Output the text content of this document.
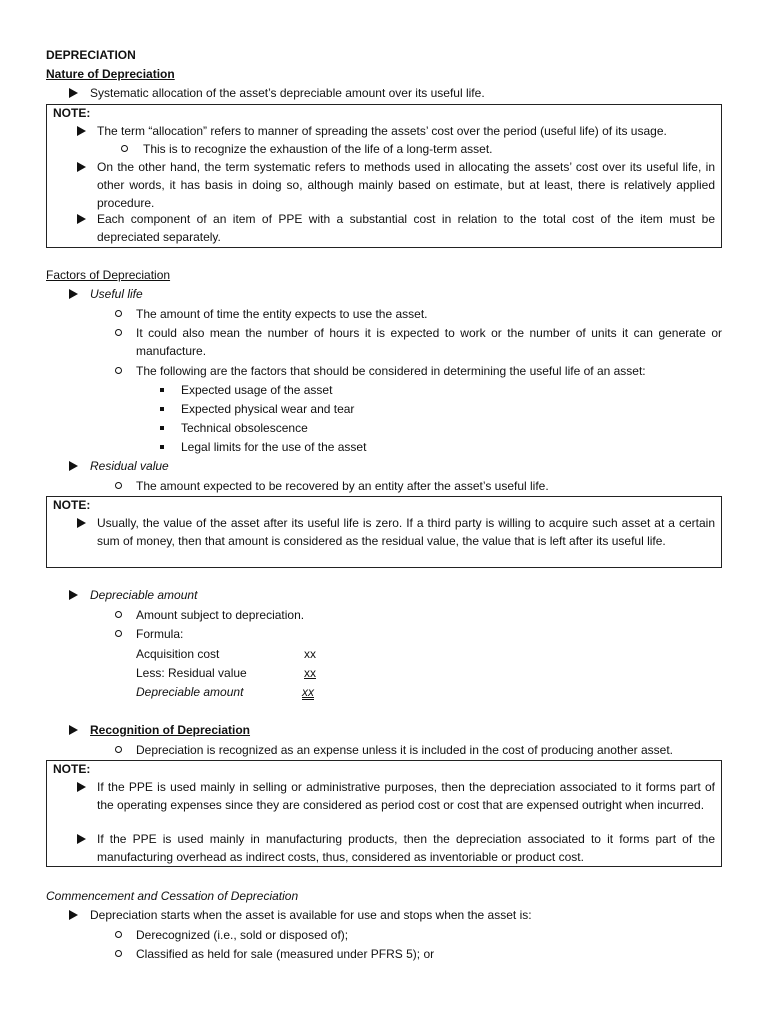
DEPRECIATION
Nature of Depreciation
Systematic allocation of the asset’s depreciable amount over its useful life.
NOTE:
The term “allocation” refers to manner of spreading the assets’ cost over the period (useful life) of its usage.
This is to recognize the exhaustion of the life of a long-term asset.
On the other hand, the term systematic refers to methods used in allocating the assets’ cost over its useful life, in other words, it has basis in doing so, although mainly based on estimate, but at least, there is relatively applied procedure.
Each component of an item of PPE with a substantial cost in relation to the total cost of the item must be depreciated separately.
Factors of Depreciation
Useful life
The amount of time the entity expects to use the asset.
It could also mean the number of hours it is expected to work or the number of units it can generate or manufacture.
The following are the factors that should be considered in determining the useful life of an asset:
Expected usage of the asset
Expected physical wear and tear
Technical obsolescence
Legal limits for the use of the asset
Residual value
The amount expected to be recovered by an entity after the asset’s useful life.
NOTE:
Usually, the value of the asset after its useful life is zero. If a third party is willing to acquire such asset at a certain sum of money, then that amount is considered as the residual value, the value that is left after its useful life.
Depreciable amount
Amount subject to depreciation.
Formula:
Acquisition cost	xx
Less: Residual value	xx
Depreciable amount	xx
Recognition of Depreciation
Depreciation is recognized as an expense unless it is included in the cost of producing another asset.
NOTE:
If the PPE is used mainly in selling or administrative purposes, then the depreciation associated to it forms part of the operating expenses since they are considered as period cost or cost that are expensed outright when incurred.
If the PPE is used mainly in manufacturing products, then the depreciation associated to it forms part of the manufacturing overhead as indirect costs, thus, considered as inventoriable or product cost.
Commencement and Cessation of Depreciation
Depreciation starts when the asset is available for use and stops when the asset is:
Derecognized (i.e., sold or disposed of);
Classified as held for sale (measured under PFRS 5); or
